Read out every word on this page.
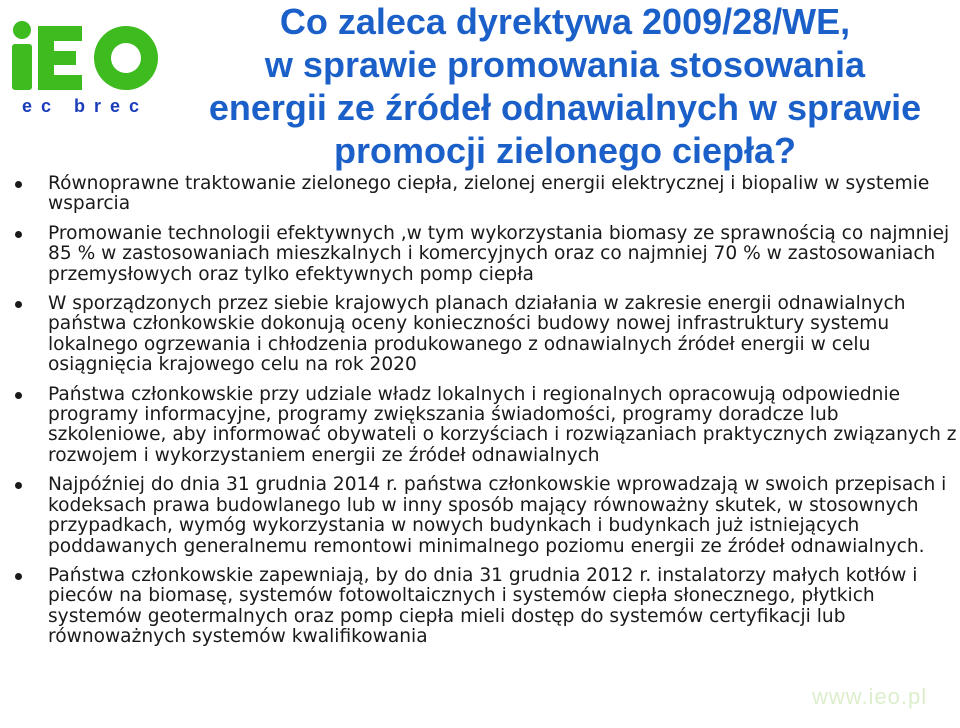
ec brec
Co zaleca dyrektywa 2009/28/WE,
w sprawie promowania stosowania
energii ze źródeł odnawialnych w sprawie
promocji zielonego ciepła?
Równoprawne traktowanie zielonego ciepła, zielonej energii elektrycznej i biopaliw w systemie wsparcia
Promowanie technologii efektywnych ,w tym wykorzystania biomasy ze sprawnością co najmniej 85 % w zastosowaniach mieszkalnych i komercyjnych oraz co najmniej 70 % w zastosowaniach przemysłowych oraz tylko efektywnych pomp ciepła
W sporządzonych przez siebie krajowych planach działania w zakresie energii odnawialnych państwa członkowskie dokonują oceny konieczności budowy nowej infrastruktury systemu lokalnego ogrzewania i chłodzenia produkowanego z odnawialnych źródeł energii w celu osiągnięcia krajowego celu na rok 2020
Państwa członkowskie przy udziale władz lokalnych i regionalnych opracowują odpowiednie programy informacyjne, programy zwiększania świadomości, programy doradcze lub szkoleniowe, aby informować obywateli o korzyściach i rozwiązaniach praktycznych związanych z rozwojem i wykorzystaniem energii ze źródeł odnawialnych
Najpóźniej do dnia 31 grudnia 2014 r. państwa członkowskie wprowadzają w swoich przepisach i kodeksach prawa budowlanego lub w inny sposób mający równoważny skutek, w stosownych przypadkach, wymóg wykorzystania w nowych budynkach i budynkach już istniejących poddawanych generalnemu remontowi minimalnego poziomu energii ze źródeł odnawialnych.
Państwa członkowskie zapewniają, by do dnia 31 grudnia 2012 r. instalatorzy małych kotłów i pieców na biomasę, systemów fotowoltaicznych i systemów ciepła słonecznego, płytkich systemów geotermalnych oraz pomp ciepła mieli dostęp do systemów certyfikacji lub równoważnych systemów kwalifikowania
www.ieo.pl
